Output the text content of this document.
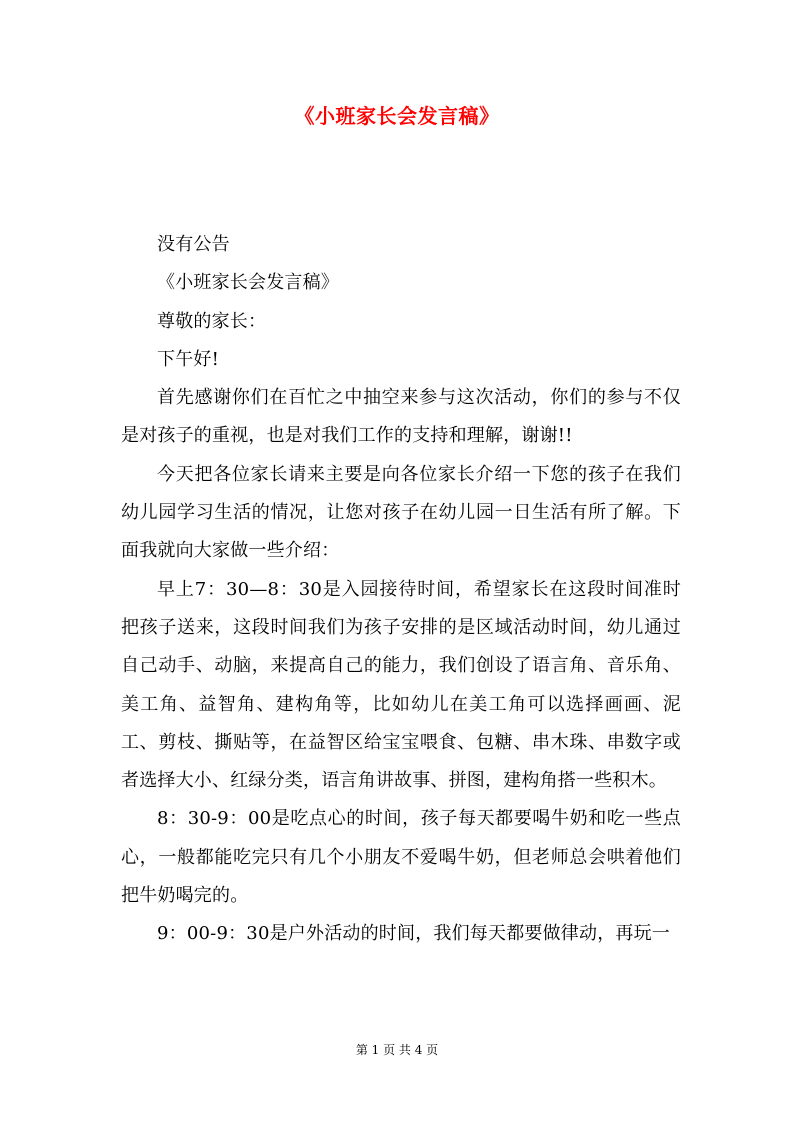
《小班家长会发言稿》

没有公告

《小班家长会发言稿》

尊敬的家长：

下午好!

首先感谢你们在百忙之中抽空来参与这次活动，你们的参与不仅是对孩子的重视，也是对我们工作的支持和理解，谢谢!!

今天把各位家长请来主要是向各位家长介绍一下您的孩子在我们幼儿园学习生活的情况，让您对孩子在幼儿园一日生活有所了解。下面我就向大家做一些介绍：

早上7：30—8：30是入园接待时间，希望家长在这段时间准时把孩子送来，这段时间我们为孩子安排的是区域活动时间，幼儿通过自己动手、动脑，来提高自己的能力，我们创设了语言角、音乐角、美工角、益智角、建构角等，比如幼儿在美工角可以选择画画、泥工、剪枝、撕贴等，在益智区给宝宝喂食、包糖、串木珠、串数字或者选择大小、红绿分类，语言角讲故事、拼图，建构角搭一些积木。

8：30-9：00是吃点心的时间，孩子每天都要喝牛奶和吃一些点心，一般都能吃完只有几个小朋友不爱喝牛奶，但老师总会哄着他们把牛奶喝完的。

9：00-9：30是户外活动的时间，我们每天都要做律动，再玩一

第 1 页 共 4 页
